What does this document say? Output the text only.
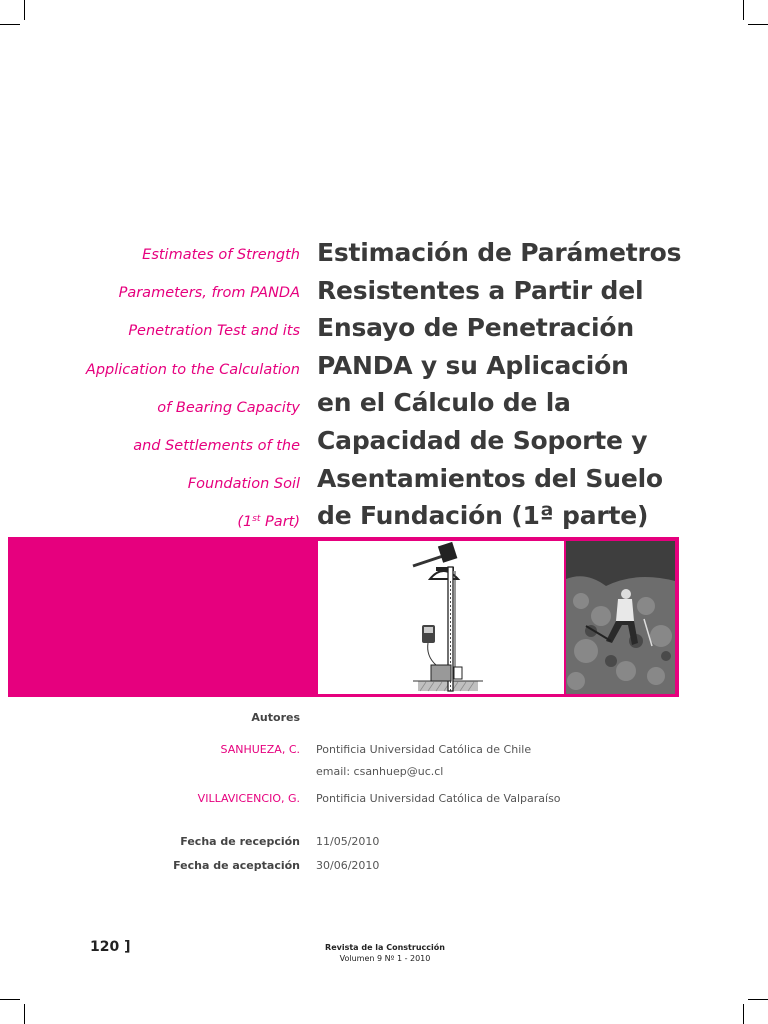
Estimates of Strength
Parameters, from PANDA
Penetration Test and its
Application to the Calculation
of Bearing Capacity
and Settlements of the
Foundation Soil
(1st Part)
Estimación de Parámetros
Resistentes a Partir del
Ensayo de Penetración
PANDA y su Aplicación
en el Cálculo de la
Capacidad de Soporte y
Asentamientos del Suelo
de Fundación (1ª parte)
Autores
SANHUEZA, C. Pontificia Universidad Católica de Chile
email: csanhuep@uc.cl
VILLAVICENCIO, G. Pontificia Universidad Católica de Valparaíso
Fecha de recepción 11/05/2010
Fecha de aceptación 30/06/2010
120 ]	Revista de la Construcción
Volumen 9 Nº 1 - 2010
